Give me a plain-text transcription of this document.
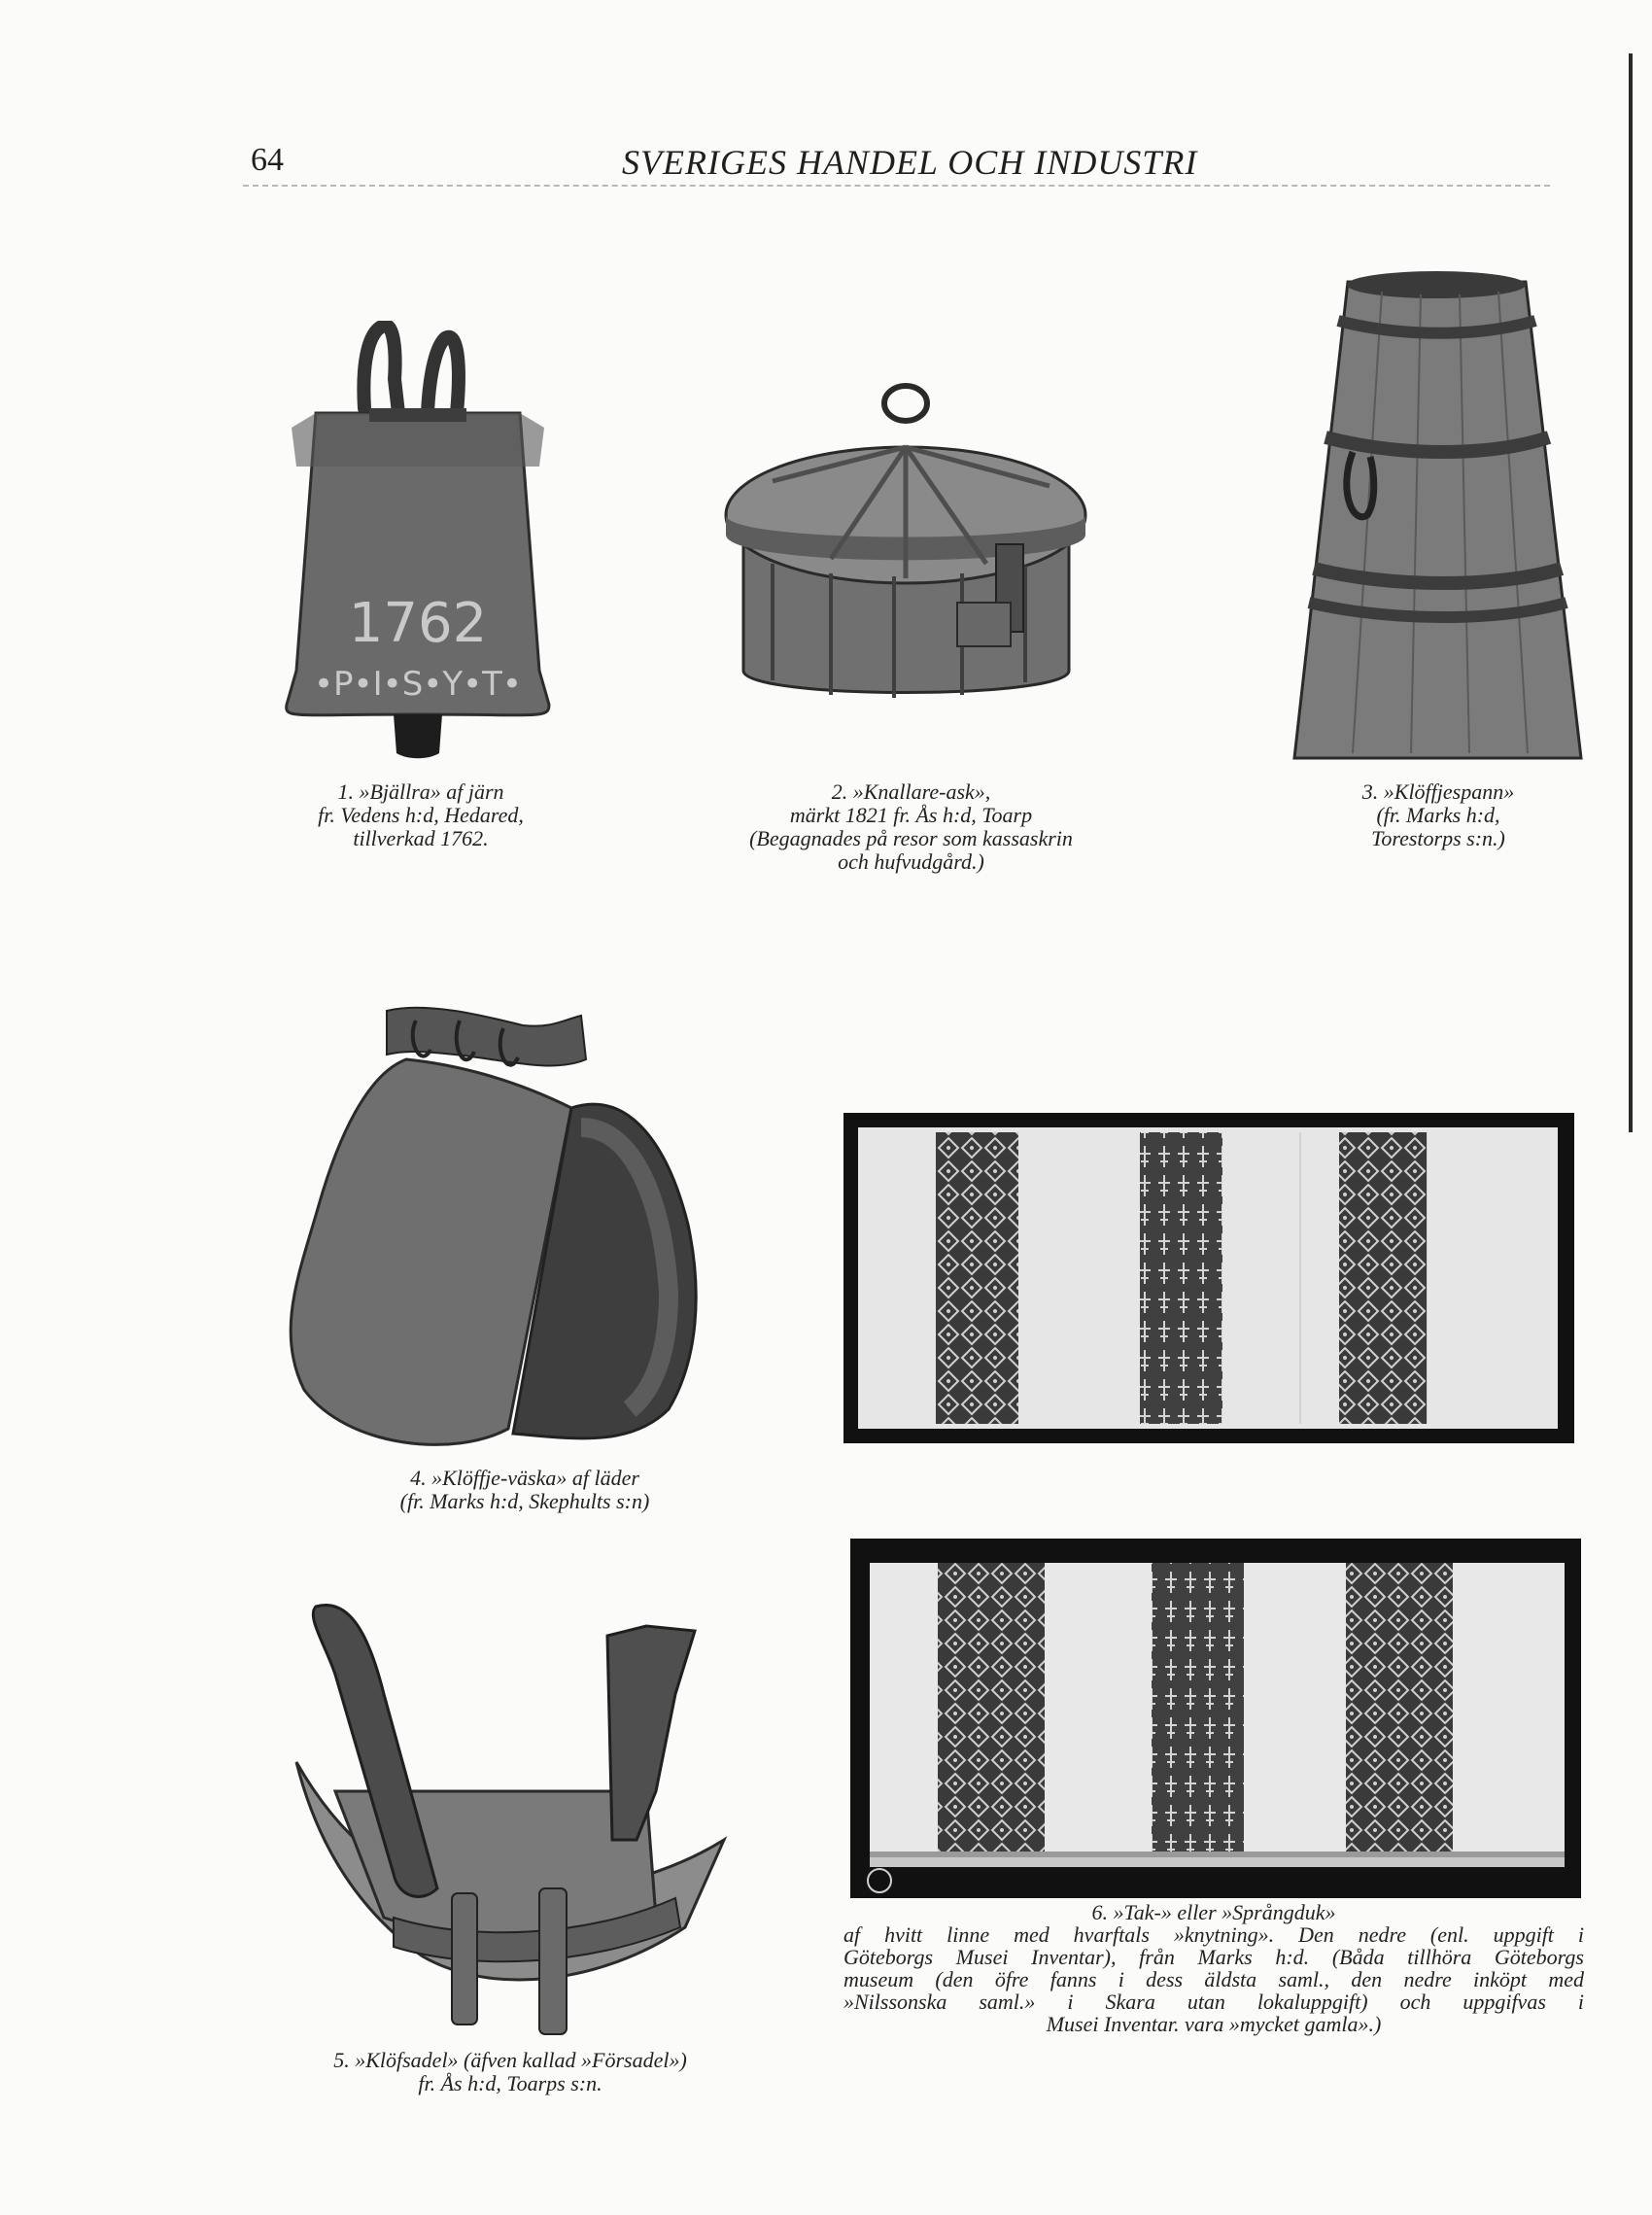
64	SVERIGES HANDEL OCH INDUSTRI
1762
•P•I•S•Y•T•
1. »Bjällra» af järn
fr. Vedens h:d, Hedared,
tillverkad 1762.
2. »Knallare-ask»,
märkt 1821 fr. Ås h:d, Toarp
(Begagnades på resor som kassaskrin
och hufvudgård.)
3. »Klöffjespann»
(fr. Marks h:d,
Torestorps s:n.)
4. »Klöffje-väska» af läder
(fr. Marks h:d, Skephults s:n)
5. »Klöfsadel» (äfven kallad »Försadel»)
fr. Ås h:d, Toarps s:n.
6. »Tak-» eller »Språngduk»
af hvitt linne med hvarftals »knytning». Den nedre (enl. uppgift i
Göteborgs Musei Inventar), från Marks h:d. (Båda tillhöra Göteborgs
museum (den öfre fanns i dess äldsta saml., den nedre inköpt med
»Nilssonska saml.» i Skara utan lokaluppgift) och uppgifvas i
Musei Inventar. vara »mycket gamla».)
